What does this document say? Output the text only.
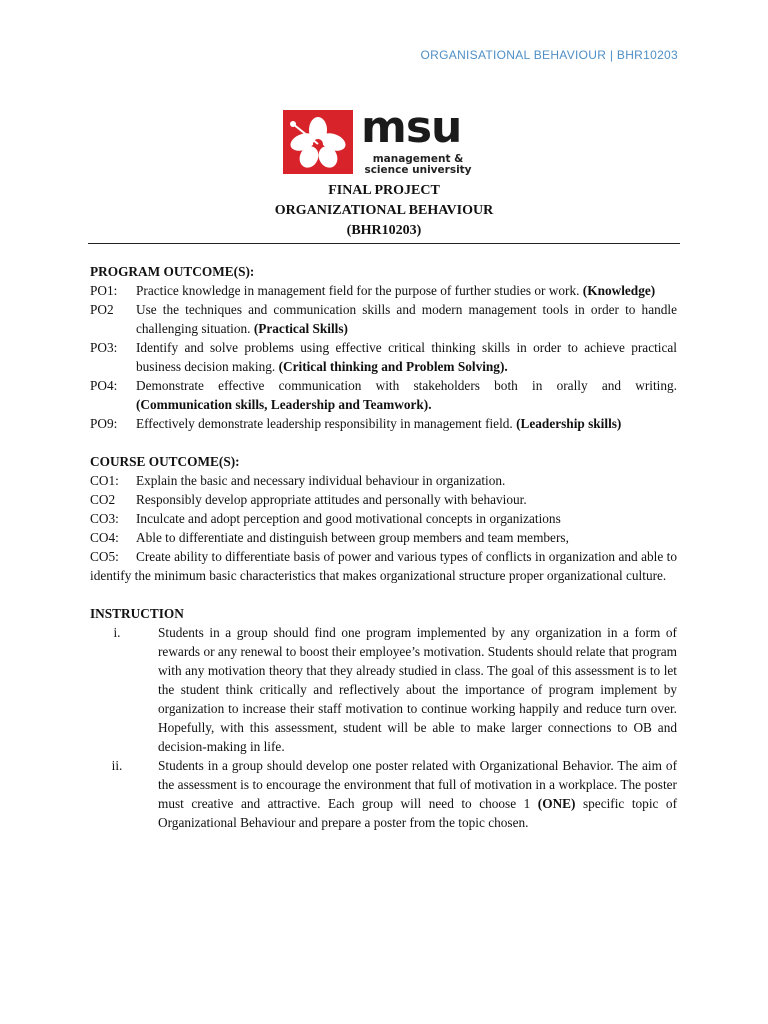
ORGANISATIONAL BEHAVIOUR | BHR10203
msu
management &
science university
FINAL PROJECT
ORGANIZATIONAL BEHAVIOUR
(BHR10203)

PROGRAM OUTCOME(S):

PO1: Practice knowledge in management field for the purpose of further studies or work. (Knowledge)
PO2 Use the techniques and communication skills and modern management tools in order to handle challenging situation. (Practical Skills)
PO3: Identify and solve problems using effective critical thinking skills in order to achieve practical business decision making. (Critical thinking and Problem Solving).
PO4: Demonstrate effective communication with stakeholders both in orally and writing. (Communication skills, Leadership and Teamwork).
PO9: Effectively demonstrate leadership responsibility in management field. (Leadership skills)

COURSE OUTCOME(S):

CO1: Explain the basic and necessary individual behaviour in organization.
CO2 Responsibly develop appropriate attitudes and personally with behaviour.
CO3: Inculcate and adopt perception and good motivational concepts in organizations
CO4: Able to differentiate and distinguish between group members and team members,
CO5: Create ability to differentiate basis of power and various types of conflicts in organization and able to identify the minimum basic characteristics that makes organizational structure proper organizational culture.

INSTRUCTION

i.	Students in a group should find one program implemented by any organization in a form of rewards or any renewal to boost their employee’s motivation. Students should relate that program with any motivation theory that they already studied in class. The goal of this assessment is to let the student think critically and reflectively about the importance of program implement by organization to increase their staff motivation to continue working happily and reduce turn over. Hopefully, with this assessment, student will be able to make larger connections to OB and decision-making in life.
ii.	Students in a group should develop one poster related with Organizational Behavior. The aim of the assessment is to encourage the environment that full of motivation in a workplace. The poster must creative and attractive. Each group will need to choose 1 (ONE) specific topic of Organizational Behaviour and prepare a poster from the topic chosen.
